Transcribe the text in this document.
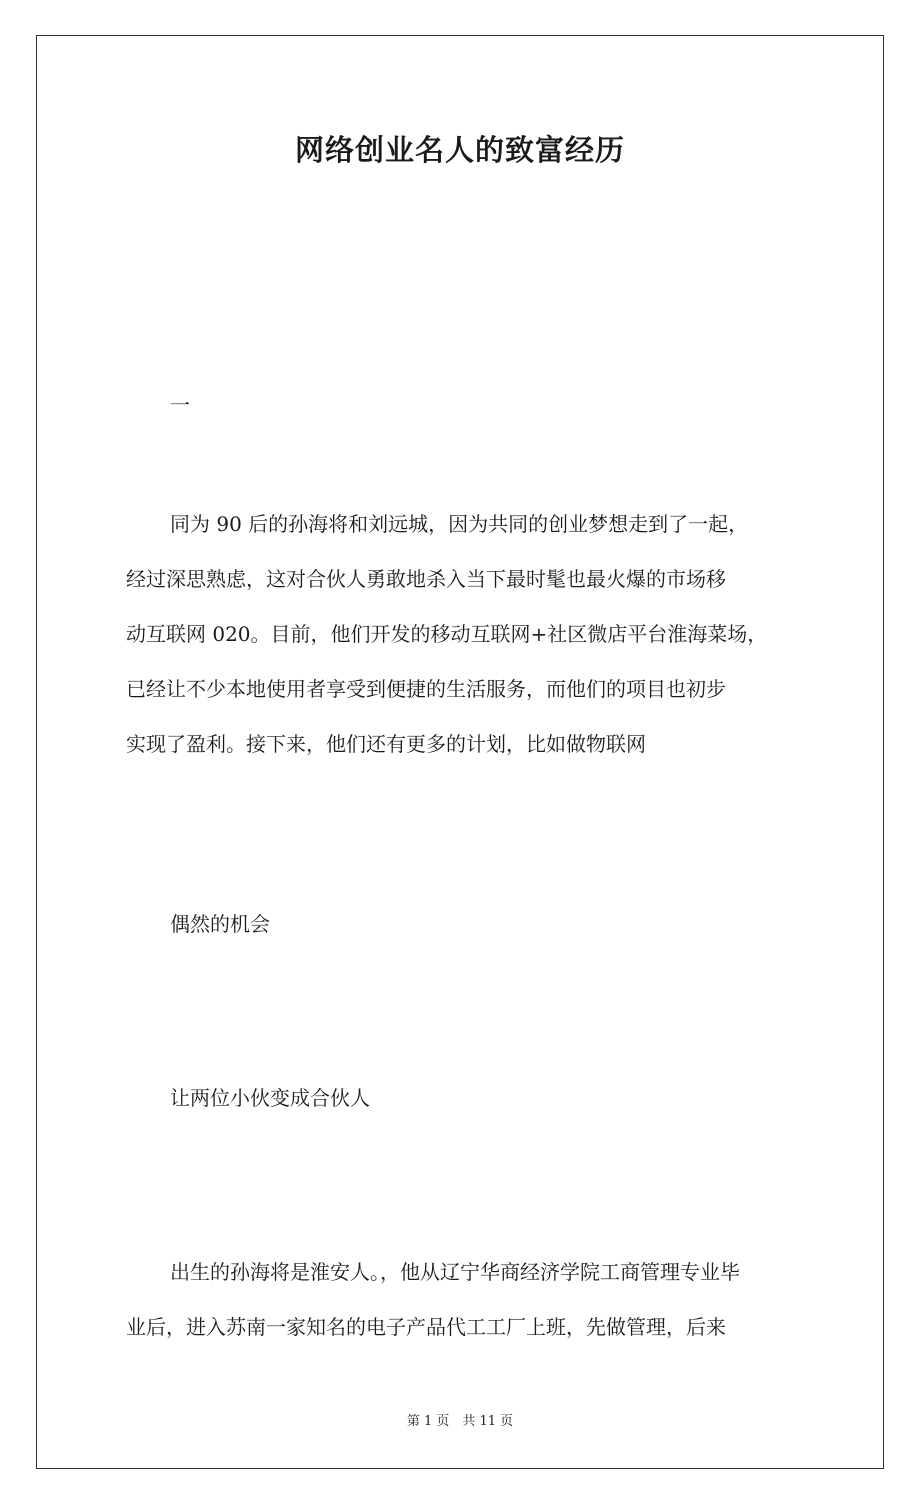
网络创业名人的致富经历
一
同为 90 后的孙海将和刘远城，因为共同的创业梦想走到了一起，
经过深思熟虑，这对合伙人勇敢地杀入当下最时髦也最火爆的市场移
动互联网 020。目前，他们开发的移动互联网+社区微店平台淮海菜场，
已经让不少本地使用者享受到便捷的生活服务，而他们的项目也初步
实现了盈利。接下来，他们还有更多的计划，比如做物联网
偶然的机会
让两位小伙变成合伙人
出生的孙海将是淮安人。，他从辽宁华商经济学院工商管理专业毕
业后，进入苏南一家知名的电子产品代工工厂上班，先做管理，后来
第 1 页　共 11 页
